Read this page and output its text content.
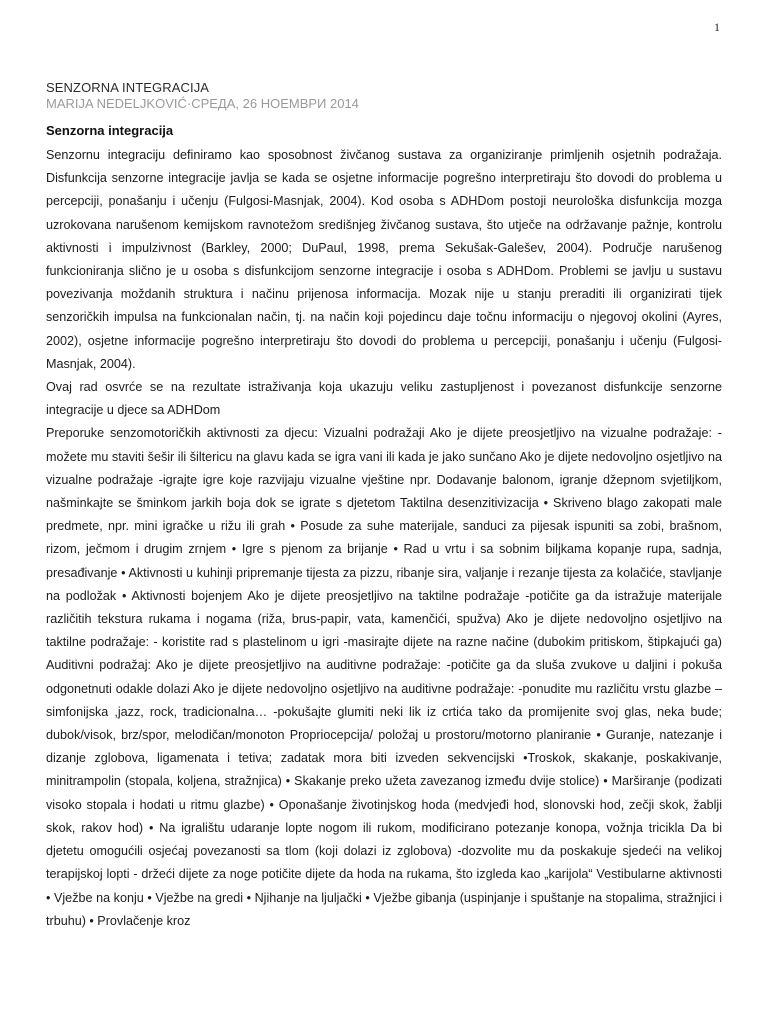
1
SENZORNA INTEGRACIJA
MARIJA NEDELJKOVIĆ·СРЕДА, 26 НОЕМВРИ 2014
Senzorna integracija

Senzornu integraciju definiramo kao sposobnost živčanog sustava za organiziranje primljenih osjetnih podražaja. Disfunkcija senzorne integracije javlja se kada se osjetne informacije pogrešno interpretiraju što dovodi do problema u percepciji, ponašanju i učenju (Fulgosi-Masnjak, 2004). Kod osoba s ADHDom postoji neurološka disfunkcija mozga uzrokovana narušenom kemijskom ravnotežom središnjeg živčanog sustava, što utječe na održavanje pažnje, kontrolu aktivnosti i impulzivnost (Barkley, 2000; DuPaul, 1998, prema Sekušak-Galešev, 2004). Područje narušenog funkcioniranja slično je u osoba s disfunkcijom senzorne integracije i osoba s ADHDom. Problemi se javlju u sustavu povezivanja moždanih struktura i načinu prijenosa informacija. Mozak nije u stanju preraditi ili organizirati tijek senzoričkih impulsa na funkcionalan način, tj. na način koji pojedincu daje točnu informaciju o njegovoj okolini (Ayres, 2002), osjetne informacije pogrešno interpretiraju što dovodi do problema u percepciji, ponašanju i učenju (Fulgosi-Masnjak, 2004).

Ovaj rad osvrće se na rezultate istraživanja koja ukazuju veliku zastupljenost i povezanost disfunkcije senzorne integracije u djece sa ADHDom

Preporuke senzomotoričkih aktivnosti za djecu: Vizualni podražaji Ako je dijete preosjetljivo na vizualne podražaje: - možete mu staviti šešir ili šiltericu na glavu kada se igra vani ili kada je jako sunčano Ako je dijete nedovoljno osjetljivo na vizualne podražaje -igrajte igre koje razvijaju vizualne vještine npr. Dodavanje balonom, igranje džepnom svjetiljkom, našminkajte se šminkom jarkih boja dok se igrate s djetetom Taktilna desenzitivizacija • Skriveno blago zakopati male predmete, npr. mini igračke u rižu ili grah • Posude za suhe materijale, sanduci za pijesak ispuniti sa zobi, brašnom, rizom, ječmom i drugim zrnjem • Igre s pjenom za brijanje • Rad u vrtu i sa sobnim biljkama kopanje rupa, sadnja, presađivanje • Aktivnosti u kuhinji pripremanje tijesta za pizzu, ribanje sira, valjanje i rezanje tijesta za kolačiće, stavljanje na podložak • Aktivnosti bojenjem Ako je dijete preosjetljivo na taktilne podražaje -potičite ga da istražuje materijale različitih tekstura rukama i nogama (riža, brus-papir, vata, kamenčići, spužva) Ako je dijete nedovoljno osjetljivo na taktilne podražaje: - koristite rad s plastelinom u igri -masirajte dijete na razne načine (dubokim pritiskom, štipkajući ga) Auditivni podražaj: Ako je dijete preosjetljivo na auditivne podražaje: -potičite ga da sluša zvukove u daljini i pokuša odgonetnuti odakle dolazi Ako je dijete nedovoljno osjetljivo na auditivne podražaje: -ponudite mu različitu vrstu glazbe – simfonijska ,jazz, rock, tradicionalna… -pokušajte glumiti neki lik iz crtića tako da promijenite svoj glas, neka bude; dubok/visok, brz/spor, melodičan/monoton Propriocepcija/ položaj u prostoru/motorno planiranie • Guranje, natezanje i dizanje zglobova, ligamenata i tetiva; zadatak mora biti izveden sekvencijski •Troskok, skakanje, poskakivanje, minitrampolin (stopala, koljena, stražnjica) • Skakanje preko užeta zavezanog između dvije stolice) • Marširanje (podizati visoko stopala i hodati u ritmu glazbe) • Oponašanje životinjskog hoda (medvjeđi hod, slonovski hod, zečji skok, žablji skok, rakov hod) • Na igralištu udaranje lopte nogom ili rukom, modificirano potezanje konopa, vožnja tricikla Da bi djetetu omogućili osjećaj povezanosti sa tlom (koji dolazi iz zglobova) -dozvolite mu da poskakuje sjedeći na velikoj terapijskoj lopti - držeći dijete za noge potičite dijete da hoda na rukama, što izgleda kao „karijola“ Vestibularne aktivnosti • Vježbe na konju • Vježbe na gredi • Njihanje na ljuljački • Vježbe gibanja (uspinjanje i spuštanje na stopalima, stražnjici i trbuhu) • Provlačenje kroz
